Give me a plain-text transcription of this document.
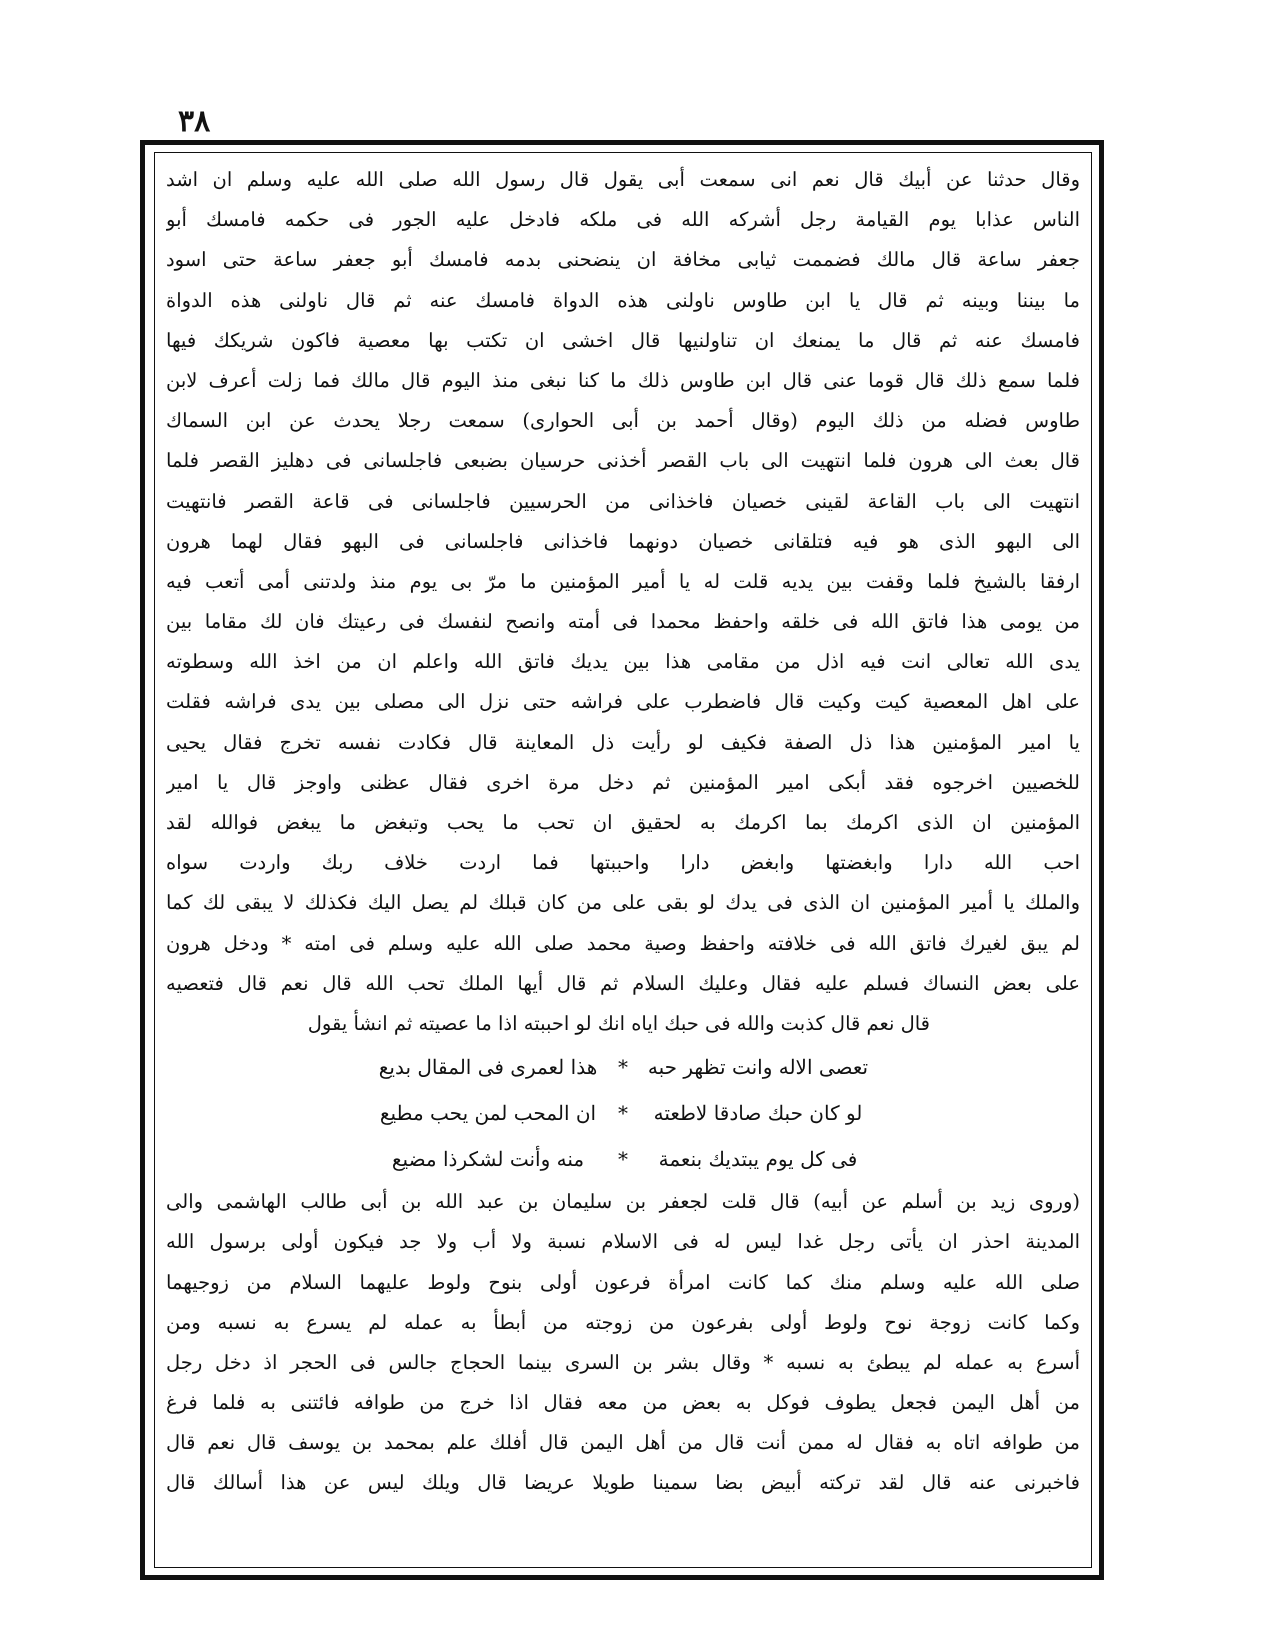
٣٨
وقال حدثنا عن أبيك قال نعم انى سمعت أبى يقول قال رسول الله صلى الله عليه وسلم ان اشد
الناس عذابا يوم القيامة رجل أشركه الله فى ملكه فادخل عليه الجور فى حكمه فامسك أبو
جعفر ساعة قال مالك فضممت ثيابى مخافة ان ينضحنى بدمه فامسك أبو جعفر ساعة حتى اسود
ما بيننا وبينه ثم قال يا ابن طاوس ناولنى هذه الدواة فامسك عنه ثم قال ناولنى هذه الدواة
فامسك عنه ثم قال ما يمنعك ان تناولنيها قال اخشى ان تكتب بها معصية فاكون شريكك فيها
فلما سمع ذلك قال قوما عنى قال ابن طاوس ذلك ما كنا نبغى منذ اليوم قال مالك فما زلت أعرف لابن
طاوس فضله من ذلك اليوم (وقال أحمد بن أبى الحوارى) سمعت رجلا يحدث عن ابن السماك
قال بعث الى هرون فلما انتهيت الى باب القصر أخذنى حرسيان بضبعى فاجلسانى فى دهليز القصر فلما
انتهيت الى باب القاعة لقينى خصيان فاخذانى من الحرسيين فاجلسانى فى قاعة القصر فانتهيت
الى البهو الذى هو فيه فتلقانى خصيان دونهما فاخذانى فاجلسانى فى البهو فقال لهما هرون
ارفقا بالشيخ فلما وقفت بين يديه قلت له يا أمير المؤمنين ما مرّ بى يوم منذ ولدتنى أمى أتعب فيه
من يومى هذا فاتق الله فى خلقه واحفظ محمدا فى أمته وانصح لنفسك فى رعيتك فان لك مقاما بين
يدى الله تعالى انت فيه اذل من مقامى هذا بين يديك فاتق الله واعلم ان من اخذ الله وسطوته
على اهل المعصية كيت وكيت قال فاضطرب على فراشه حتى نزل الى مصلى بين يدى فراشه فقلت
يا امير المؤمنين هذا ذل الصفة فكيف لو رأيت ذل المعاينة قال فكادت نفسه تخرج فقال يحيى
للخصيين اخرجوه فقد أبكى امير المؤمنين ثم دخل مرة اخرى فقال عظنى واوجز قال يا امير
المؤمنين ان الذى اكرمك بما اكرمك به لحقيق ان تحب ما يحب وتبغض ما يبغض فوالله لقد
احب الله دارا وابغضتها وابغض دارا واحببتها فما اردت خلاف ربك واردت سواه
والملك يا أمير المؤمنين ان الذى فى يدك لو بقى على من كان قبلك لم يصل اليك فكذلك لا يبقى لك كما
لم يبق لغيرك فاتق الله فى خلافته واحفظ وصية محمد صلى الله عليه وسلم فى امته * ودخل هرون
على بعض النساك فسلم عليه فقال وعليك السلام ثم قال أيها الملك تحب الله قال نعم قال فتعصيه
قال نعم قال كذبت والله فى حبك اياه انك لو احببته اذا ما عصيته ثم انشأ يقول
تعصى الاله وانت تظهر حبه
*
هذا لعمرى فى المقال بديع
لو كان حبك صادقا لاطعته
*
ان المحب لمن يحب مطيع
فى كل يوم يبتديك بنعمة
*
منه وأنت لشكرذا مضيع
(وروى زيد بن أسلم عن أبيه) قال قلت لجعفر بن سليمان بن عبد الله بن أبى طالب الهاشمى والى
المدينة احذر ان يأتى رجل غدا ليس له فى الاسلام نسبة ولا أب ولا جد فيكون أولى برسول الله
صلى الله عليه وسلم منك كما كانت امرأة فرعون أولى بنوح ولوط عليهما السلام من زوجيهما
وكما كانت زوجة نوح ولوط أولى بفرعون من زوجته من أبطأ به عمله لم يسرع به نسبه ومن
أسرع به عمله لم يبطئ به نسبه * وقال بشر بن السرى بينما الحجاج جالس فى الحجر اذ دخل رجل
من أهل اليمن فجعل يطوف فوكل به بعض من معه فقال اذا خرج من طوافه فائتنى به فلما فرغ
من طوافه اتاه به فقال له ممن أنت قال من أهل اليمن قال أفلك علم بمحمد بن يوسف قال نعم قال
فاخبرنى عنه قال لقد تركته أبيض بضا سمينا طويلا عريضا قال ويلك ليس عن هذا أسالك قال
